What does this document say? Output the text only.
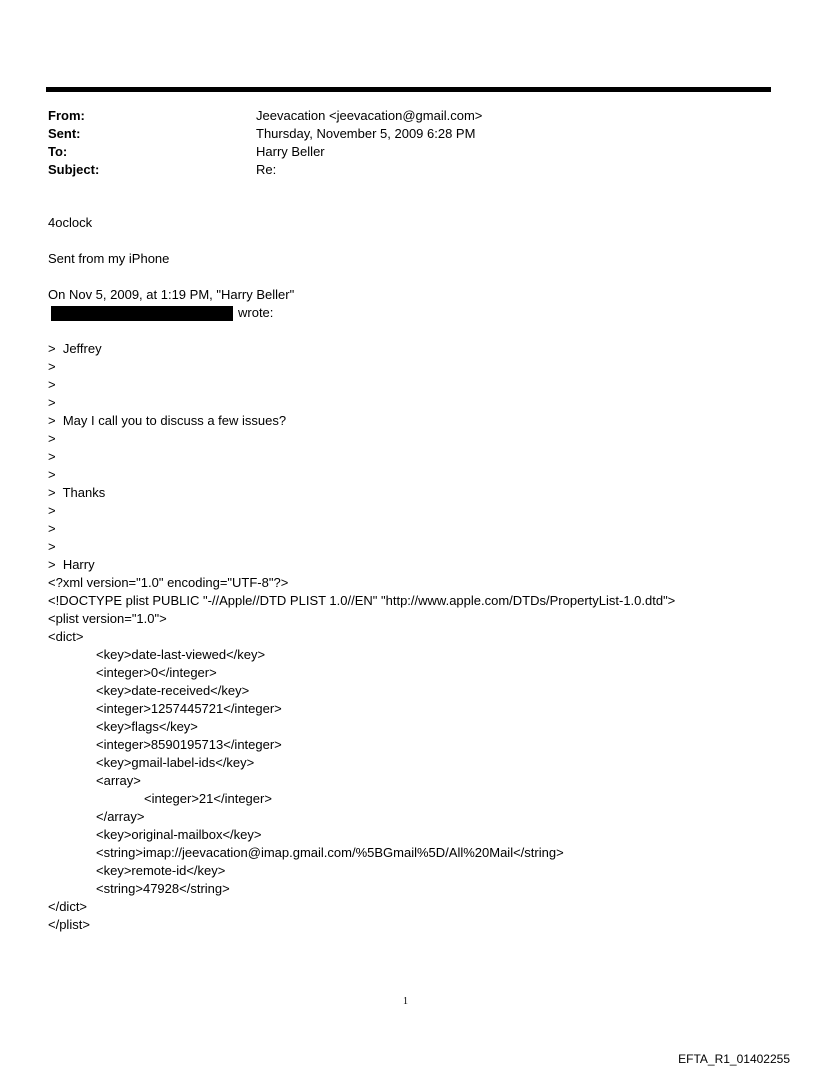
From:	Jeevacation <jeevacation@gmail.com>
Sent:	Thursday, November 5, 2009 6:28 PM
To:	Harry Beller
Subject:	Re:
4oclock
Sent from my iPhone
On Nov 5, 2009, at 1:19 PM, "Harry Beller"

wrote:

>  Jeffrey
>
>
>
>  May I call you to discuss a few issues?
>
>
>
>  Thanks
>
>
>
>  Harry
<?xml version="1.0" encoding="UTF-8"?>
<!DOCTYPE plist PUBLIC "-//Apple//DTD PLIST 1.0//EN" "http://www.apple.com/DTDs/PropertyList-1.0.dtd">
<plist version="1.0">
<dict>
<key>date-last-viewed</key>
<integer>0</integer>
<key>date-received</key>
<integer>1257445721</integer>
<key>flags</key>
<integer>8590195713</integer>
<key>gmail-label-ids</key>
<array>
<integer>21</integer>
</array>
<key>original-mailbox</key>
<string>imap://jeevacation@imap.gmail.com/%5BGmail%5D/All%20Mail</string>
<key>remote-id</key>
<string>47928</string>
</dict>
</plist>
1
EFTA_R1_01402255
